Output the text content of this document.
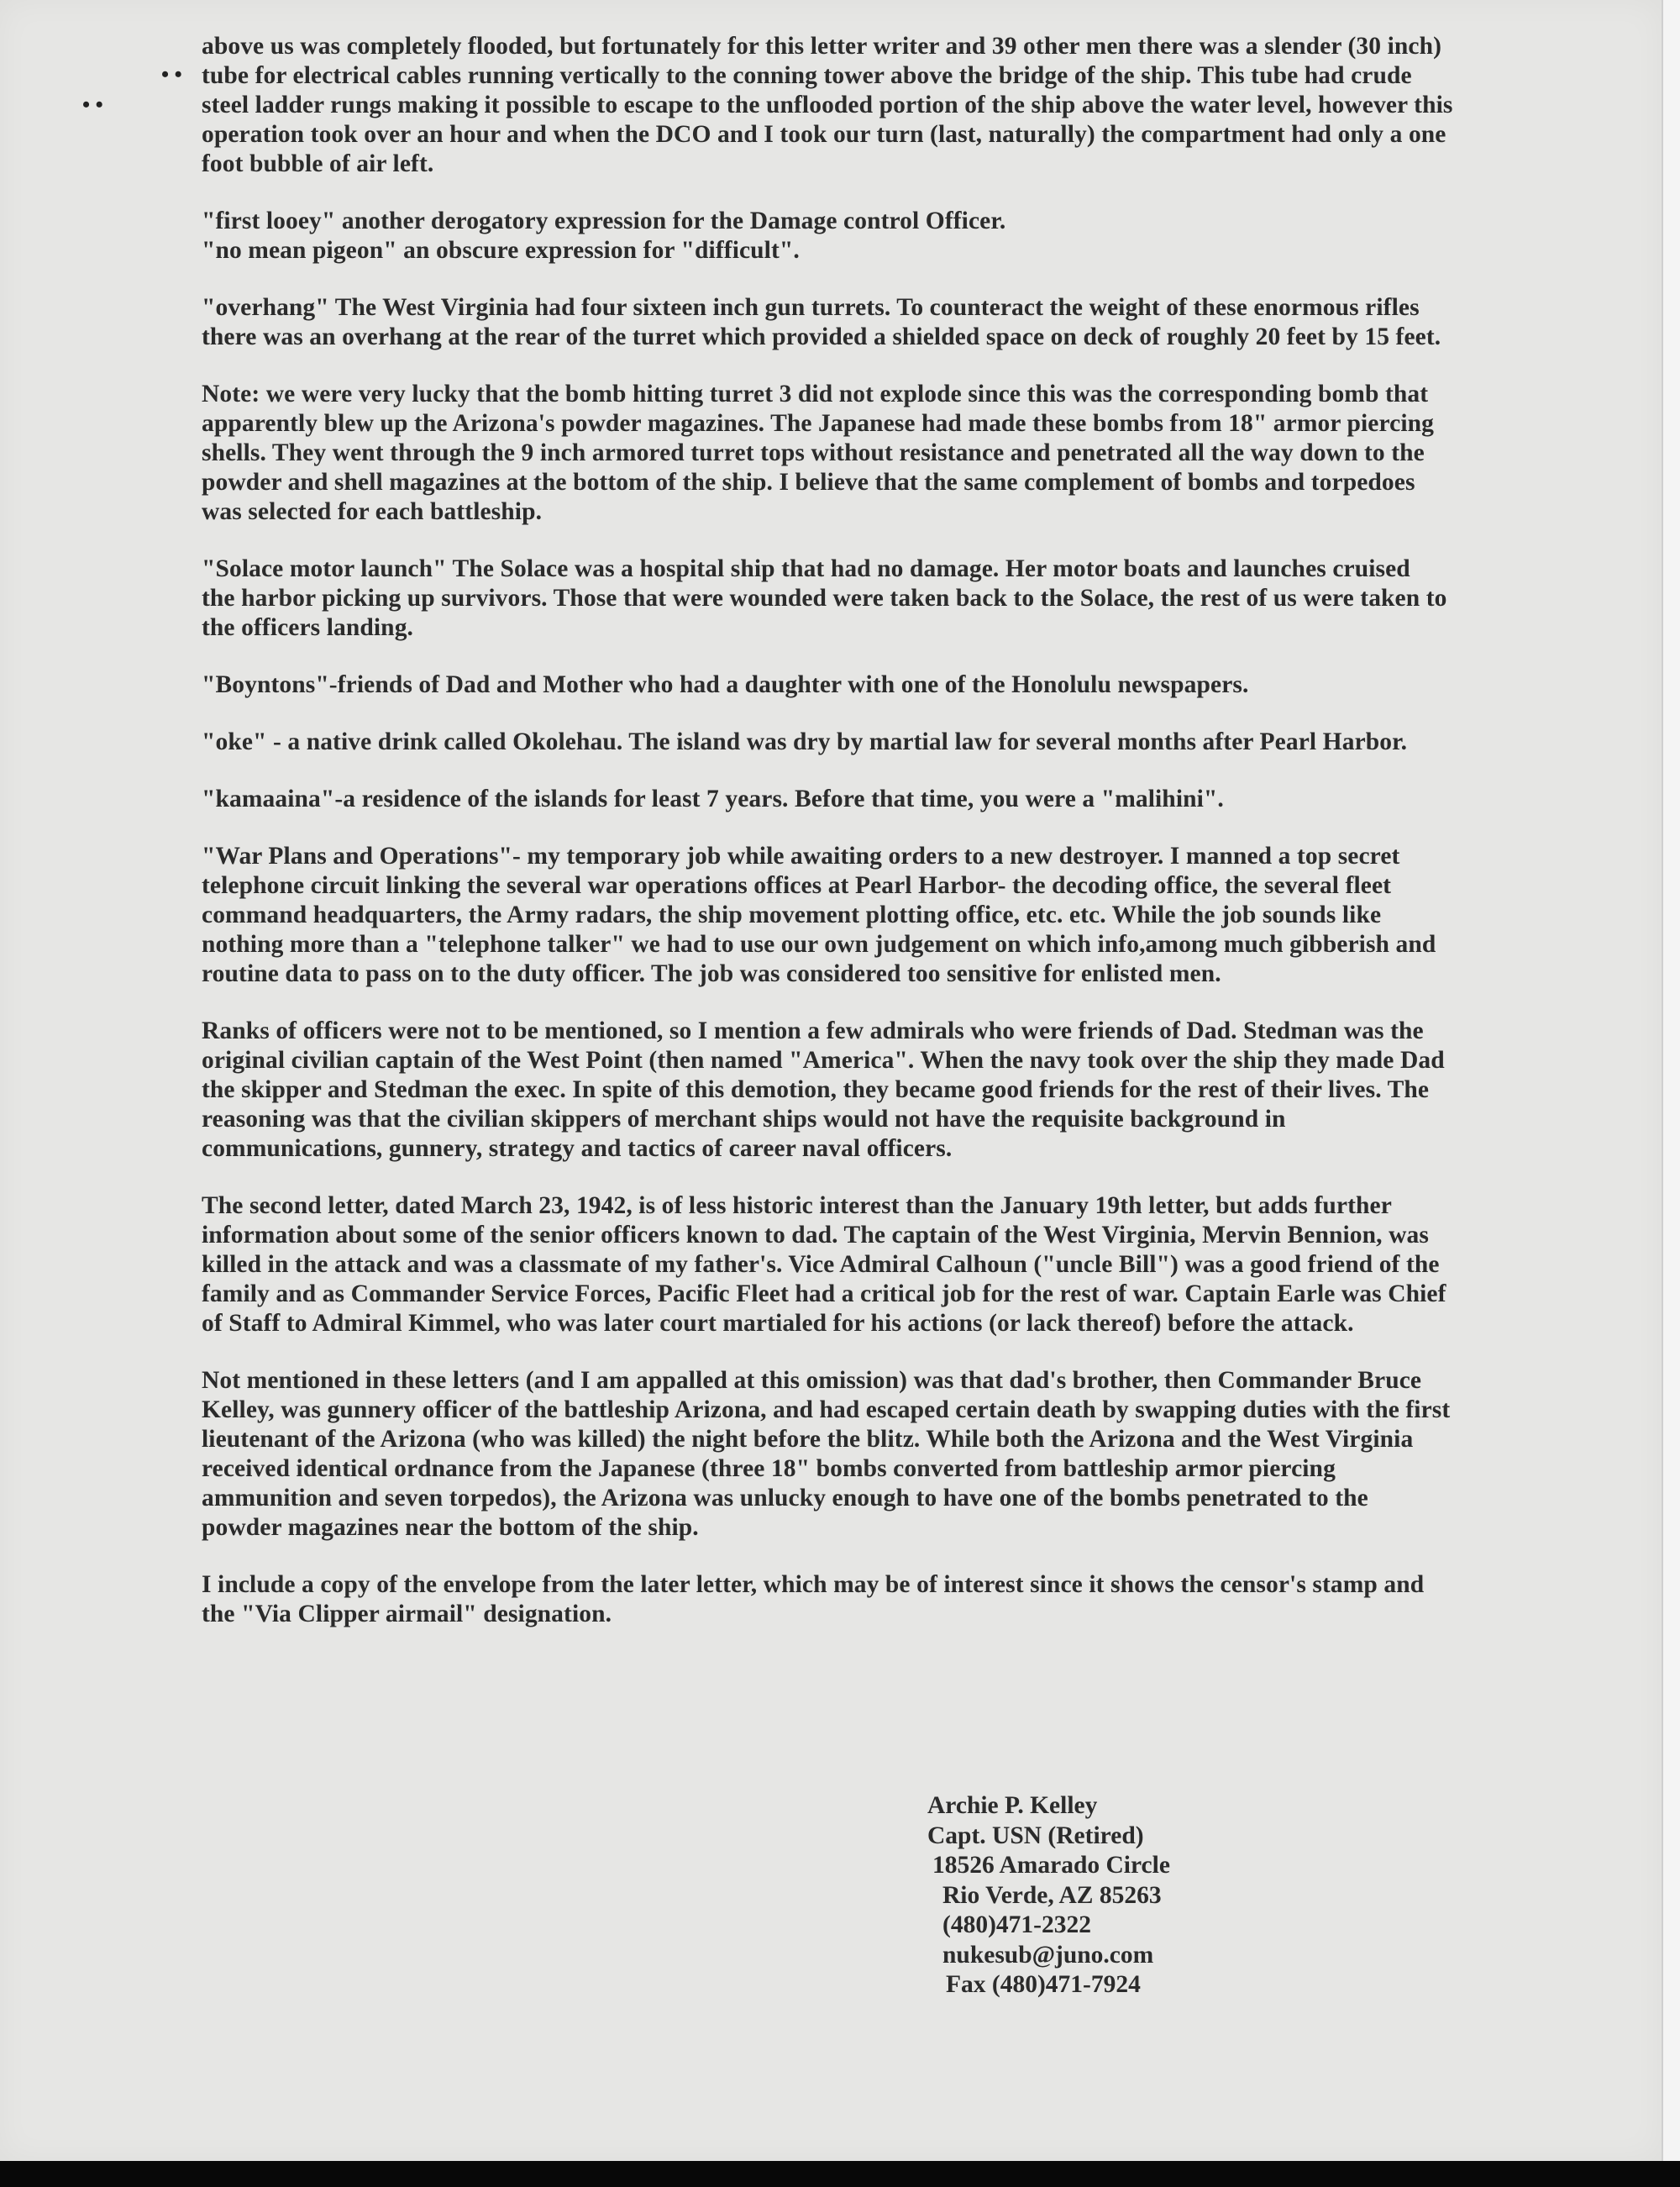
• •
• •
above us was completely flooded, but fortunately for this letter writer and 39 other men there was a slender (30 inch)
tube for electrical cables running vertically to the conning tower above the bridge of the ship. This tube had crude
steel ladder rungs making it possible to escape to the unflooded portion of the ship above the water level, however this
operation took over an hour and when the DCO and I took our turn (last, naturally) the compartment had only a one
foot bubble of air left.
"first looey" another derogatory expression for the Damage control Officer.
"no mean pigeon" an obscure expression for "difficult".
"overhang" The West Virginia had four sixteen inch gun turrets. To counteract the weight of these enormous rifles
there was an overhang at the rear of the turret which provided a shielded space on deck of roughly 20 feet by 15 feet.
Note: we were very lucky that the bomb hitting turret 3 did not explode since this was the corresponding bomb that
apparently blew up the Arizona's powder magazines. The Japanese had made these bombs from 18" armor piercing
shells. They went through the 9 inch armored turret tops without resistance and penetrated all the way down to the
powder and shell magazines at the bottom of the ship. I believe that the same complement of bombs and torpedoes
was selected for each battleship.
"Solace motor launch" The Solace was a hospital ship that had no damage. Her motor boats and launches cruised
the harbor picking up survivors. Those that were wounded were taken back to the Solace, the rest of us were taken to
the officers landing.
"Boyntons"-friends of Dad and Mother who had a daughter with one of the Honolulu newspapers.
"oke" - a native drink called Okolehau. The island was dry by martial law for several months after Pearl Harbor.
"kamaaina"-a residence of the islands for least 7 years. Before that time, you were a "malihini".
"War Plans and Operations"- my temporary job while awaiting orders to a new destroyer. I manned a top secret
telephone circuit linking the several war operations offices at Pearl Harbor- the decoding office, the several fleet
command headquarters, the Army radars, the ship movement plotting office, etc. etc. While the job sounds like
nothing more than a "telephone talker" we had to use our own judgement on which info,among much gibberish and
routine data to pass on to the duty officer. The job was considered too sensitive for enlisted men.
Ranks of officers were not to be mentioned, so I mention a few admirals who were friends of Dad. Stedman was the
original civilian captain of the West Point (then named "America". When the navy took over the ship they made Dad
the skipper and Stedman the exec. In spite of this demotion, they became good friends for the rest of their lives. The
reasoning was that the civilian skippers of merchant ships would not have the requisite background in
communications, gunnery, strategy and tactics of career naval officers.
The second letter, dated March 23, 1942, is of less historic interest than the January 19th letter, but adds further
information about some of the senior officers known to dad. The captain of the West Virginia, Mervin Bennion, was
killed in the attack and was a classmate of my father's. Vice Admiral Calhoun ("uncle Bill") was a good friend of the
family and as Commander Service Forces, Pacific Fleet had a critical job for the rest of war. Captain Earle was Chief
of Staff to Admiral Kimmel, who was later court martialed for his actions (or lack thereof) before the attack.
Not mentioned in these letters (and I am appalled at this omission) was that dad's brother, then Commander Bruce
Kelley, was gunnery officer of the battleship Arizona, and had escaped certain death by swapping duties with the first
lieutenant of the Arizona (who was killed) the night before the blitz. While both the Arizona and the West Virginia
received identical ordnance from the Japanese (three 18" bombs converted from battleship armor piercing
ammunition and seven torpedos), the Arizona was unlucky enough to have one of the bombs penetrated to the
powder magazines near the bottom of the ship.
I include a copy of the envelope from the later letter, which may be of interest since it shows the censor's stamp and
the "Via Clipper airmail" designation.
Archie P. Kelley
Capt. USN (Retired)
18526 Amarado Circle
Rio Verde, AZ 85263
(480)471-2322
nukesub@juno.com
Fax (480)471-7924
